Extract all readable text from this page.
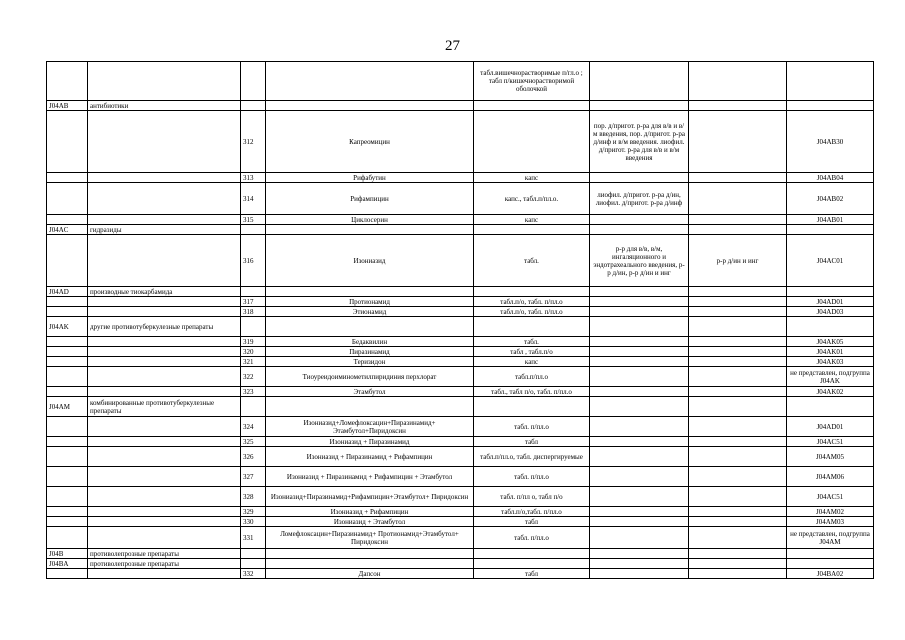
27
				табл.вишечнорастворимые п/гл.о ; табл п/кишечнорастворимой оболочкой			
J04AB	антибиотики						
		312	Капреомицин		пор. д/пригот. р-ра для в/в и в/м введения, пор. д/пригот. р-ра д/инф и в/м введения. лиофил. д/пригот. р-ра для в/в и в/м введения		J04AB30
		313	Рифабутин	капс			J04AB04
		314	Рифампицин	капс., табл.п/пл.о.	лиофил. д/пригот. р-ра д/ин, лиофил. д/пригот. р-ра д/инф		J04AB02
		315	Циклосерин	капс			J04AB01
J04AC	гидразиды						
		316	Изониазид	табл.	р-р для в/в, в/м, ингаляционного и эндотрахеального введения, р-р д/ин, р-р д/ин и инг	р-р д/ин и инг	J04AC01
J04AD	производные тиокарбамида						
		317	Протионамид	табл.п/о, табл. п/пл.о			J04AD01
		318	Этионамид	табл.п/о, табл. п/пл.о			J04AD03
J04AK	другие противотуберкулезные препараты						
		319	Бедаквилин	табл.			J04AK05
		320	Пиразинамид	табл , табл.п/о			J04AK01
		321	Теризидон	капс			J04AK03
		322	Тиоуреидоиминометилпиридиния перхлорат	табл.п/пл.о			не представлен, подгруппа J04AK
		323	Этамбутол	табл., табл п/о, табл. п/пл.о			J04AK02
J04AM	комбинированные противотуберкулезные препараты						
		324	Изониазид+Ломефлоксацин+Пиразинамид+ Этамбутол+Пиридоксин	табл. п/пл.о			J04AD01
		325	Изониазид + Пиразинамид	табл			J04AC51
		326	Изониазид + Пиразинамид + Рифампицин	табл.п/пл.о, табл. диспергируемые			J04AM05
		327	Изониазид + Пиразинамид + Рифампицин + Этамбутол	табл. п/пл.о			J04AM06
		328	Изониазид+Пиразинамид+Рифампицин+Этамбутол+ Пиридоксин	табл. п/пл о, табл п/о			J04AC51
		329	Изониазид + Рифампицин	табл.п/о,табл. п/пл.о			J04AM02
		330	Изониазид + Этамбутол	табл			J04AM03
		331	Ломефлоксацин+Пиразинамид+ Протионамид+Этамбутол+ Пиридоксин	табл. п/пл.о			не представлен, подгруппа J04AM
J04B	противолепрозные препараты						
J04BA	противолепрозные препараты						
		332	Дапсон	табл			J04BA02
